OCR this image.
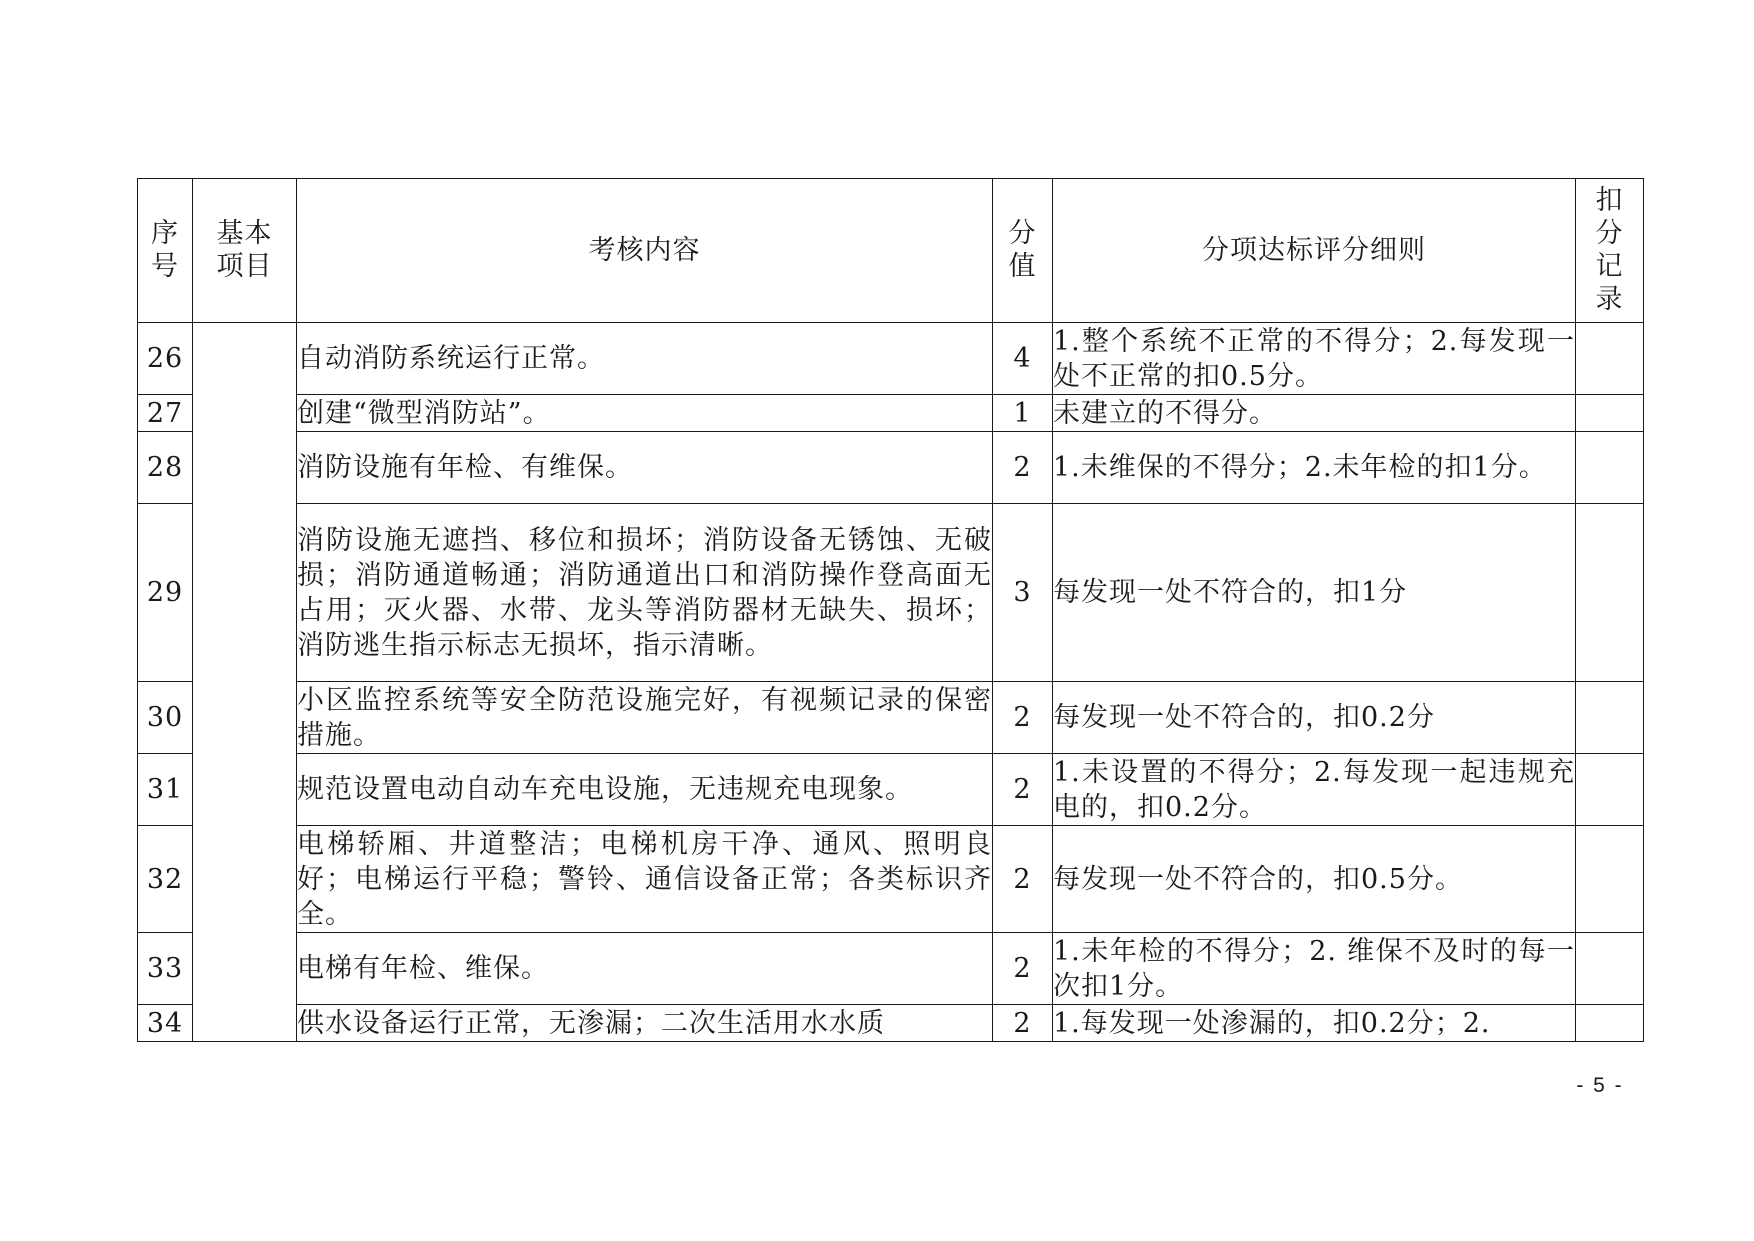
序号	基本项目	考核内容	分值	分项达标评分细则	扣分记录
26		自动消防系统运行正常。	4	1.整个系统不正常的不得分；2.每发现一处不正常的扣0.5分。	
27		创建“微型消防站”。	1	未建立的不得分。	
28		消防设施有年检、有维保。	2	1.未维保的不得分；2.未年检的扣1分。	
29		消防设施无遮挡、移位和损坏；消防设备无锈蚀、无破损；消防通道畅通；消防通道出口和消防操作登高面无占用；灭火器、水带、龙头等消防器材无缺失、损坏；消防逃生指示标志无损坏，指示清晰。	3	每发现一处不符合的，扣1分	
30		小区监控系统等安全防范设施完好，有视频记录的保密措施。	2	每发现一处不符合的，扣0.2分	
31		规范设置电动自动车充电设施，无违规充电现象。	2	1.未设置的不得分；2.每发现一起违规充电的，扣0.2分。	
32		电梯轿厢、井道整洁；电梯机房干净、通风、照明良好；电梯运行平稳；警铃、通信设备正常；各类标识齐全。	2	每发现一处不符合的，扣0.5分。	
33		电梯有年检、维保。	2	1.未年检的不得分；2. 维保不及时的每一次扣1分。	
34		供水设备运行正常，无渗漏；二次生活用水水质	2	1.每发现一处渗漏的，扣0.2分；2.	
- 5 -
